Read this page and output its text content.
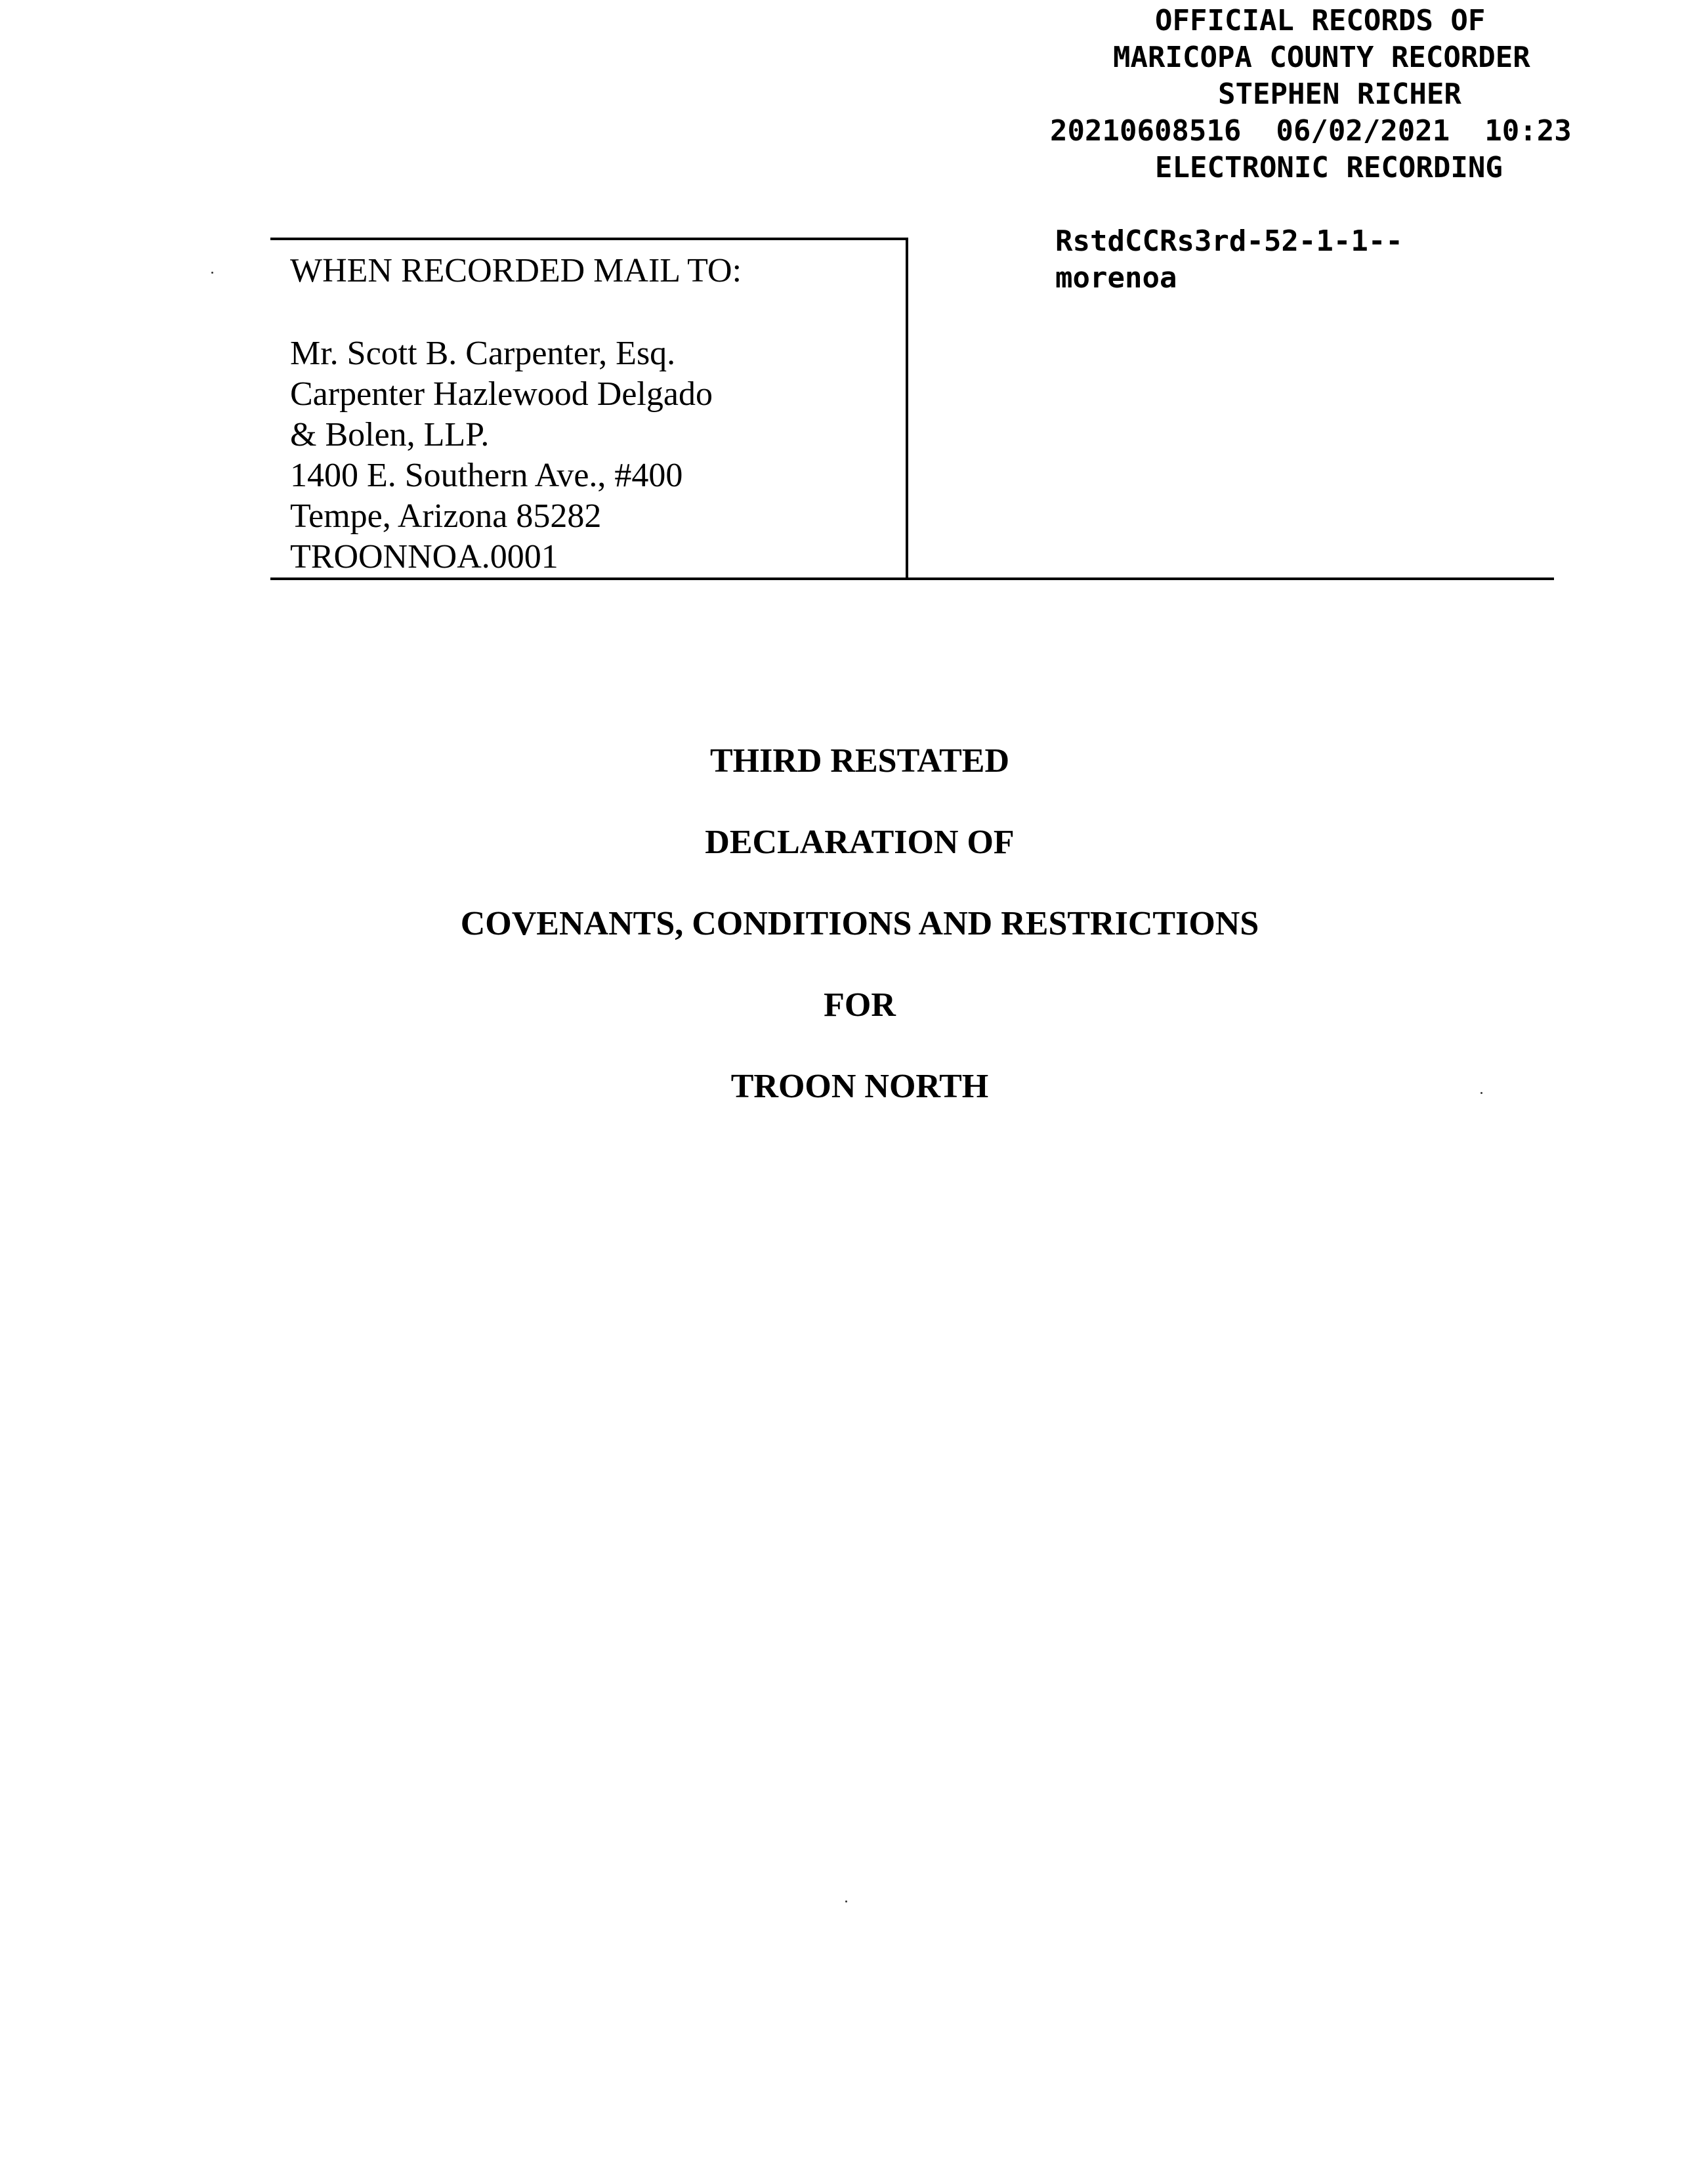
OFFICIAL RECORDS OF
MARICOPA COUNTY RECORDER
STEPHEN RICHER
20210608516  06/02/2021  10:23
ELECTRONIC RECORDING
RstdCCRs3rd-52-1-1--
morenoa
WHEN RECORDED MAIL TO:
Mr. Scott B. Carpenter, Esq.
Carpenter Hazlewood Delgado
& Bolen, LLP.
1400 E. Southern Ave., #400
Tempe, Arizona 85282
TROONNOA.0001
THIRD RESTATED
DECLARATION OF
COVENANTS, CONDITIONS AND RESTRICTIONS
FOR
TROON NORTH
